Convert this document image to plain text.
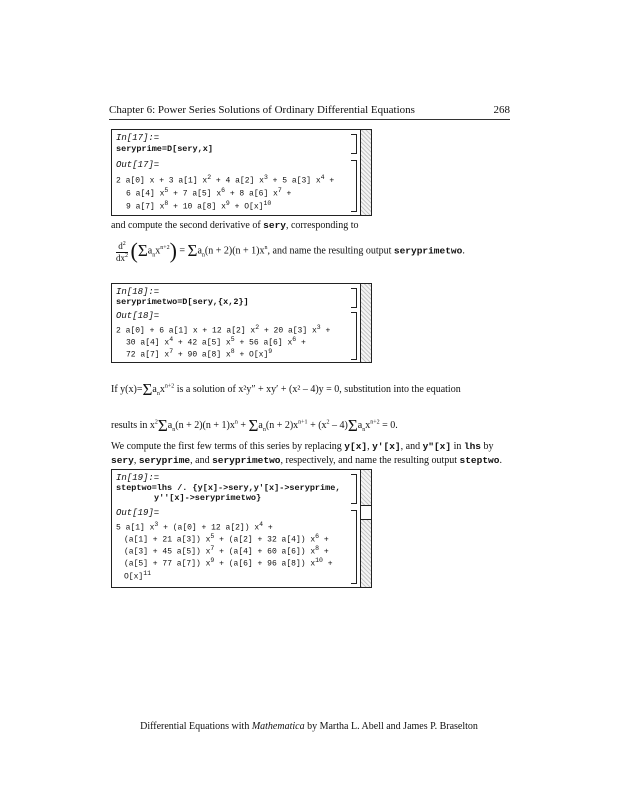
Chapter 6: Power Series Solutions of Ordinary Differential Equations	268
In[17]:=
seryprime=D[sery,x]
Out[17]=
2 a[0] x + 3 a[1] $x^2 + 4$ a[2] $x^3 + 5$ a[3] $x^4$ +
6 a[4] $x^5 + 7$ a[5] $x^6 + 8$ a[6] $x^7$ +
9 a[7] $x^8 + 10$ a[8] $x^9 + O[x]^{10}$
and compute the second derivative of sery, corresponding to
$\frac{d^2}{dx^2} (\Sigma a_nx^{n+2}) = \Sigma a_n(n + 2)(n + 1)x^n$, and name the resulting output seryprimetwo.
In[18]:=
seryprimetwo=D[sery,{x,2}]
Out[18]=
2 a[0] + 6 a[1] x + 12 a[2] $x^2 + 20$ a[3] $x^3$ +
30 a[4] $x^4 + 42$ a[5] $x^5 + 56$ a[6] $x^6$ +
72 a[7] $x^7 + 90$ a[8] $x^8 + O[x]^9$
If $y(x)=\Sigma a_nx^{n+2}$ is a solution of x²y″ + xy′ + (x² – 4)y = 0, substitution into the equation
results in $x^2\Sigma a_n(n + 2)(n + 1)x^n + \Sigma a_n(n + 2)x^{n+1} + (x^2 - 4)\Sigma a_nx^{n+2} = 0$.
We compute the first few terms of this series by replacing y[x], y′[x], and y″[x] in lhs by sery, seryprime, and seryprimetwo, respectively, and name the resulting output steptwo.
In[19]:=
steptwo=lhs /. {y[x]->sery,y'[x]->seryprime,
y''[x]->seryprimetwo}
Out[19]=
5 a[1] $x^3 + (a[0] + 12$ a[2]) $x^4$ +
(a[1] + 21 a[3]) $x^5 + (a[2] + 32$ a[4]) $x^6$ +
(a[3] + 45 a[5]) $x^7 + (a[4] + 60$ a[6]) $x^8$ +
(a[5] + 77 a[7]) $x^9 + (a[6] + 96$ a[8]) $x^{10}$ +
$O[x]^{11}$
Differential Equations with Mathematica by Martha L. Abell and James P. Braselton
